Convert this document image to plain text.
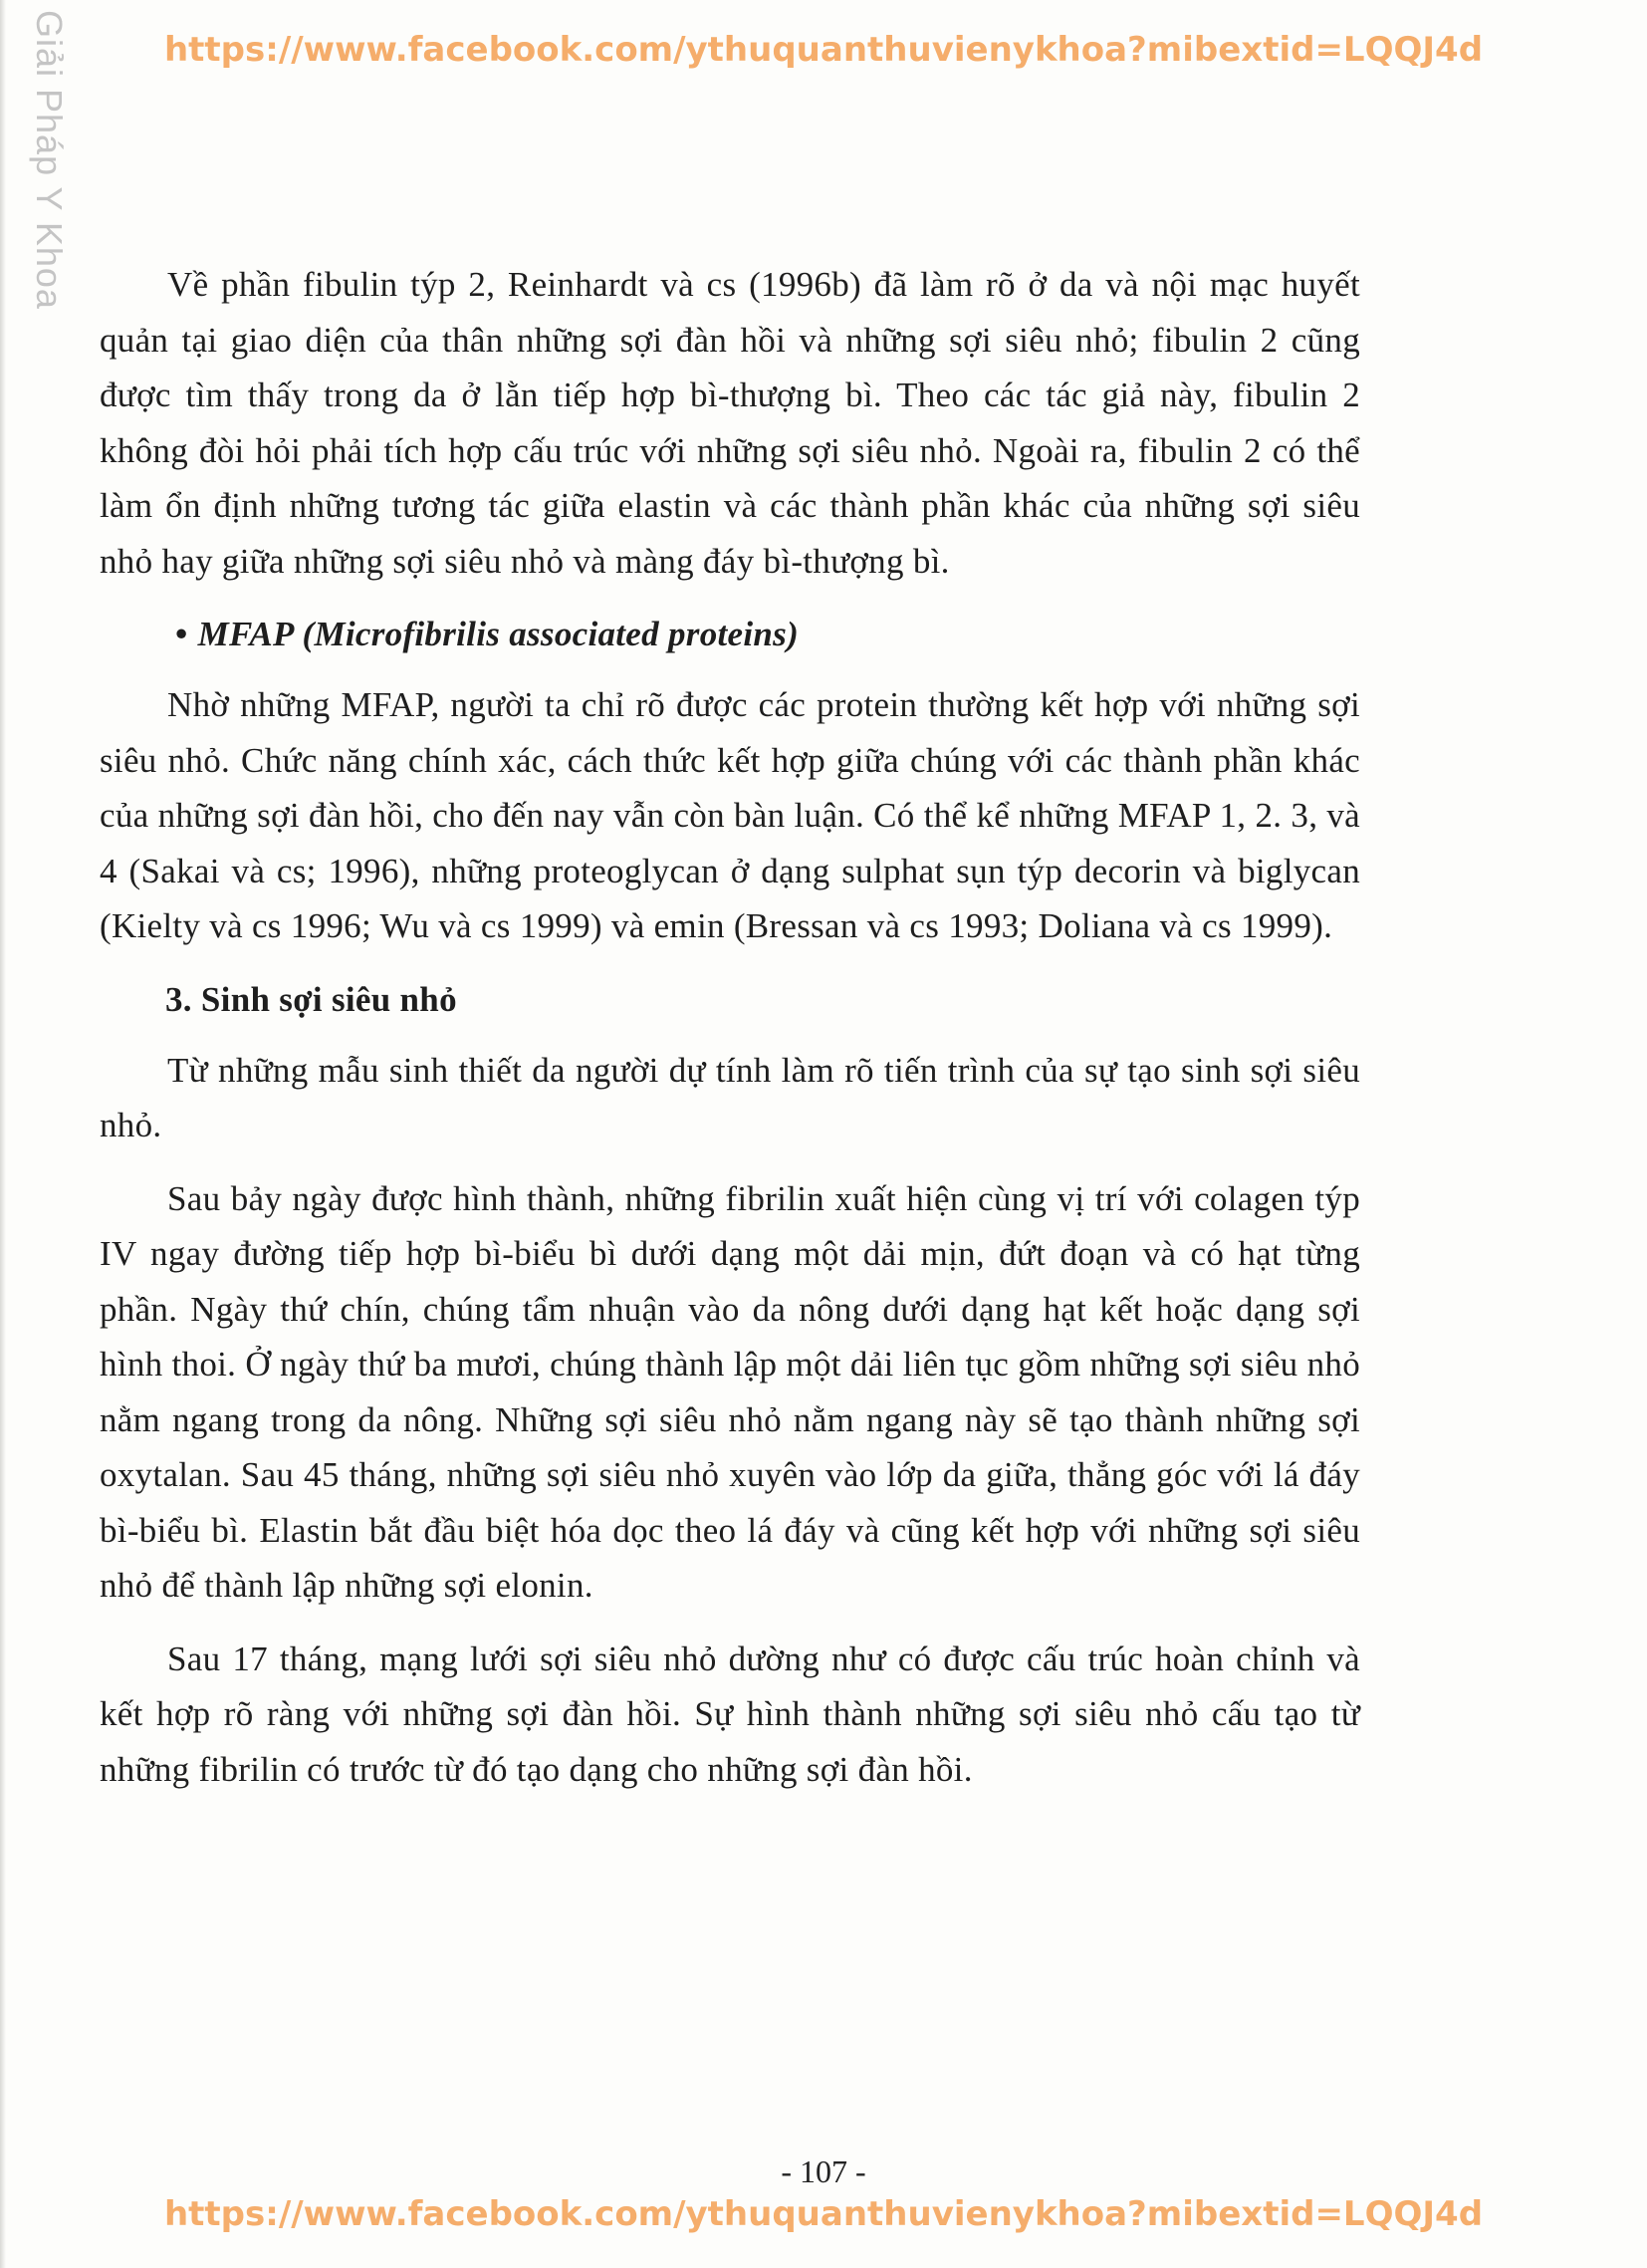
Giải Pháp Y Khoa	https://www.facebook.com/ythuquanthuvienykhoa?mibextid=LQQJ4d

Về phần fibulin týp 2, Reinhardt và cs (1996b) đã làm rõ ở da và nội mạc huyết quản tại giao diện của thân những sợi đàn hồi và những sợi siêu nhỏ; fibulin 2 cũng được tìm thấy trong da ở lằn tiếp hợp bì-thượng bì. Theo các tác giả này, fibulin 2 không đòi hỏi phải tích hợp cấu trúc với những sợi siêu nhỏ. Ngoài ra, fibulin 2 có thể làm ổn định những tương tác giữa elastin và các thành phần khác của những sợi siêu nhỏ hay giữa những sợi siêu nhỏ và màng đáy bì-thượng bì.

• MFAP (Microfibrilis associated proteins)

Nhờ những MFAP, người ta chỉ rõ được các protein thường kết hợp với những sợi siêu nhỏ. Chức năng chính xác, cách thức kết hợp giữa chúng với các thành phần khác của những sợi đàn hồi, cho đến nay vẫn còn bàn luận. Có thể kể những MFAP 1, 2. 3, và 4 (Sakai và cs; 1996), những proteoglycan ở dạng sulphat sụn týp decorin và biglycan (Kielty và cs 1996; Wu và cs 1999) và emin (Bressan và cs 1993; Doliana và cs 1999).

3. Sinh sợi siêu nhỏ

Từ những mẫu sinh thiết da người dự tính làm rõ tiến trình của sự tạo sinh sợi siêu nhỏ.

Sau bảy ngày được hình thành, những fibrilin xuất hiện cùng vị trí với colagen týp IV ngay đường tiếp hợp bì-biểu bì dưới dạng một dải mịn, đứt đoạn và có hạt từng phần. Ngày thứ chín, chúng tẩm nhuận vào da nông dưới dạng hạt kết hoặc dạng sợi hình thoi. Ở ngày thứ ba mươi, chúng thành lập một dải liên tục gồm những sợi siêu nhỏ nằm ngang trong da nông. Những sợi siêu nhỏ nằm ngang này sẽ tạo thành những sợi oxytalan. Sau 45 tháng, những sợi siêu nhỏ xuyên vào lớp da giữa, thẳng góc với lá đáy bì-biểu bì. Elastin bắt đầu biệt hóa dọc theo lá đáy và cũng kết hợp với những sợi siêu nhỏ để thành lập những sợi elonin.

Sau 17 tháng, mạng lưới sợi siêu nhỏ dường như có được cấu trúc hoàn chỉnh và kết hợp rõ ràng với những sợi đàn hồi. Sự hình thành những sợi siêu nhỏ cấu tạo từ những fibrilin có trước từ đó tạo dạng cho những sợi đàn hồi.

- 107 -
https://www.facebook.com/ythuquanthuvienykhoa?mibextid=LQQJ4d
